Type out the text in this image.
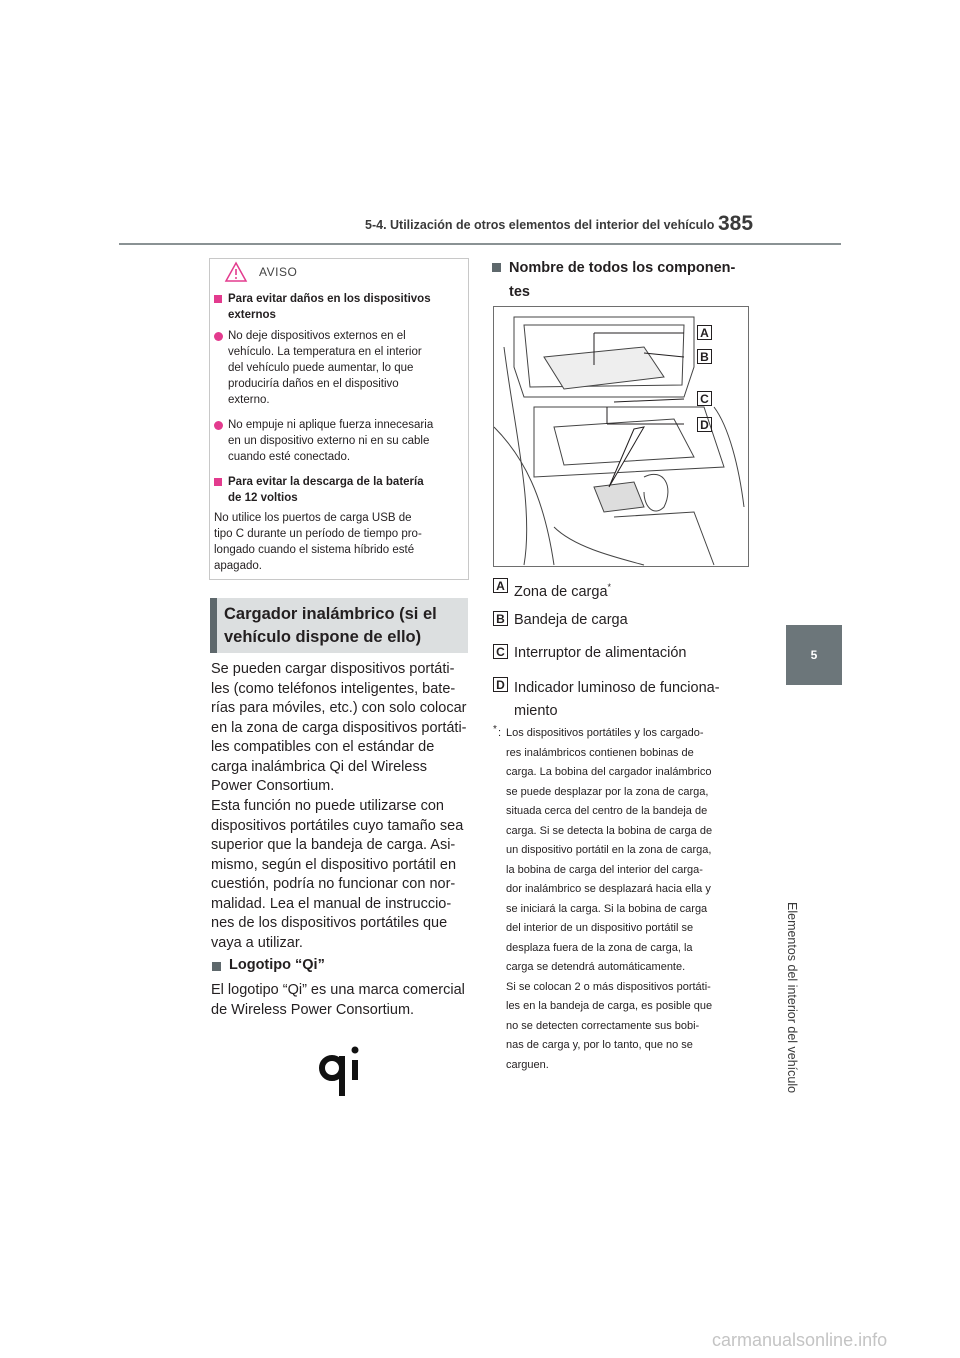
5-4. Utilización de otros elementos del interior del vehículo 385
5
Elementos del interior del vehículo
AVISO
Para evitar daños en los dispositivos
externos
No deje dispositivos externos en el
vehículo. La temperatura en el interior
del vehículo puede aumentar, lo que
produciría daños en el dispositivo
externo.
No empuje ni aplique fuerza innecesaria
en un dispositivo externo ni en su cable
cuando esté conectado.
Para evitar la descarga de la batería
de 12 voltios
No utilice los puertos de carga USB de
tipo C durante un período de tiempo pro-
longado cuando el sistema híbrido esté
apagado.
Cargador inalámbrico (si el
vehículo dispone de ello)
Se pueden cargar dispositivos portáti-
les (como teléfonos inteligentes, bate-
rías para móviles, etc.) con solo colocar
en la zona de carga dispositivos portáti-
les compatibles con el estándar de
carga inalámbrica Qi del Wireless
Power Consortium.
Esta función no puede utilizarse con
dispositivos portátiles cuyo tamaño sea
superior que la bandeja de carga. Asi-
mismo, según el dispositivo portátil en
cuestión, podría no funcionar con nor-
malidad. Lea el manual de instruccio-
nes de los dispositivos portátiles que
vaya a utilizar.
Logotipo “Qi”
El logotipo “Qi” es una marca comercial
de Wireless Power Consortium.
Nombre de todos los componen-
tes
A
B
C
D
A Zona de carga*
B Bandeja de carga
C Interruptor de alimentación
D Indicador luminoso de funciona-
miento
* : Los dispositivos portátiles y los cargado-
res inalámbricos contienen bobinas de
carga. La bobina del cargador inalámbrico
se puede desplazar por la zona de carga,
situada cerca del centro de la bandeja de
carga. Si se detecta la bobina de carga de
un dispositivo portátil en la zona de carga,
la bobina de carga del interior del carga-
dor inalámbrico se desplazará hacia ella y
se iniciará la carga. Si la bobina de carga
del interior de un dispositivo portátil se
desplaza fuera de la zona de carga, la
carga se detendrá automáticamente.
Si se colocan 2 o más dispositivos portáti-
les en la bandeja de carga, es posible que
no se detecten correctamente sus bobi-
nas de carga y, por lo tanto, que no se
carguen.
carmanualsonline.info
